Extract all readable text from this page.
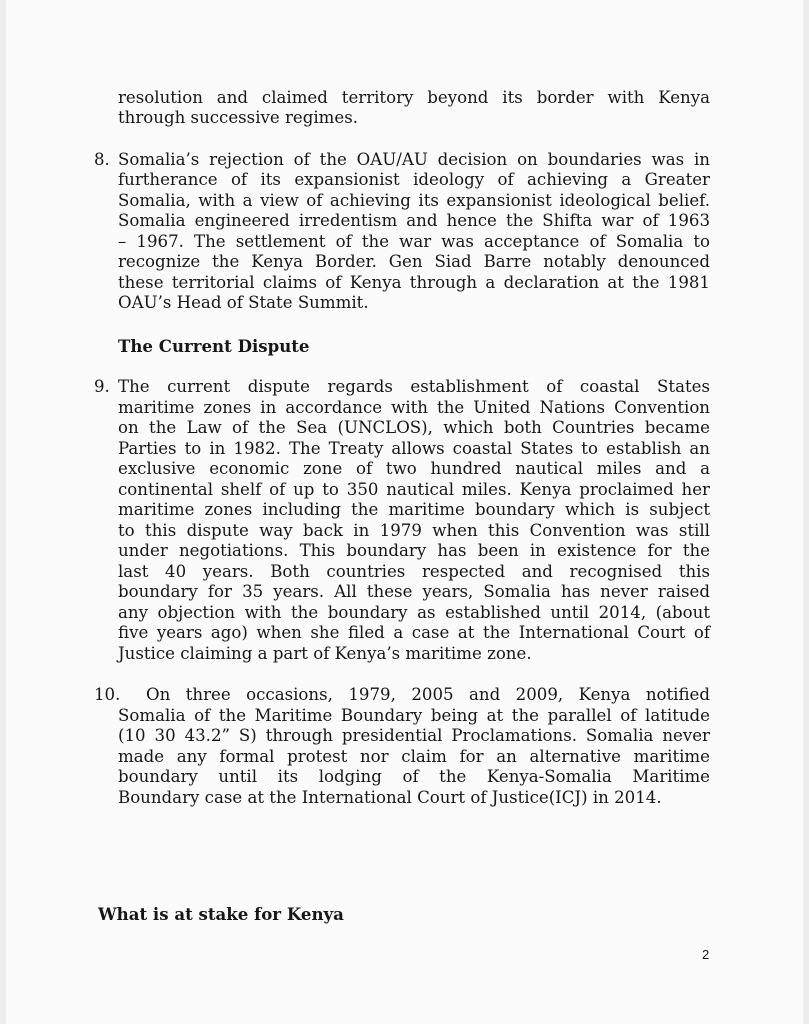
resolution and claimed territory beyond its border with Kenya
through successive regimes.
8. Somalia’s rejection of the OAU/AU decision on boundaries was in
furtherance of its expansionist ideology of achieving a Greater
Somalia, with a view of achieving its expansionist ideological belief.
Somalia engineered irredentism and hence the Shifta war of 1963
– 1967. The settlement of the war was acceptance of Somalia to
recognize the Kenya Border. Gen Siad Barre notably denounced
these territorial claims of Kenya through a declaration at the 1981
OAU’s Head of State Summit.
The Current Dispute
9. The current dispute regards establishment of coastal States
maritime zones in accordance with the United Nations Convention
on the Law of the Sea (UNCLOS), which both Countries became
Parties to in 1982. The Treaty allows coastal States to establish an
exclusive economic zone of two hundred nautical miles and a
continental shelf of up to 350 nautical miles. Kenya proclaimed her
maritime zones including the maritime boundary which is subject
to this dispute way back in 1979 when this Convention was still
under negotiations. This boundary has been in existence for the
last 40 years. Both countries respected and recognised this
boundary for 35 years. All these years, Somalia has never raised
any objection with the boundary as established until 2014, (about
five years ago) when she filed a case at the International Court of
Justice claiming a part of Kenya’s maritime zone.
10. On three occasions, 1979, 2005 and 2009, Kenya notified
Somalia of the Maritime Boundary being at the parallel of latitude
(10 30 43.2” S) through presidential Proclamations. Somalia never
made any formal protest nor claim for an alternative maritime
boundary until its lodging of the Kenya-Somalia Maritime
Boundary case at the International Court of Justice(ICJ) in 2014.
What is at stake for Kenya
2
